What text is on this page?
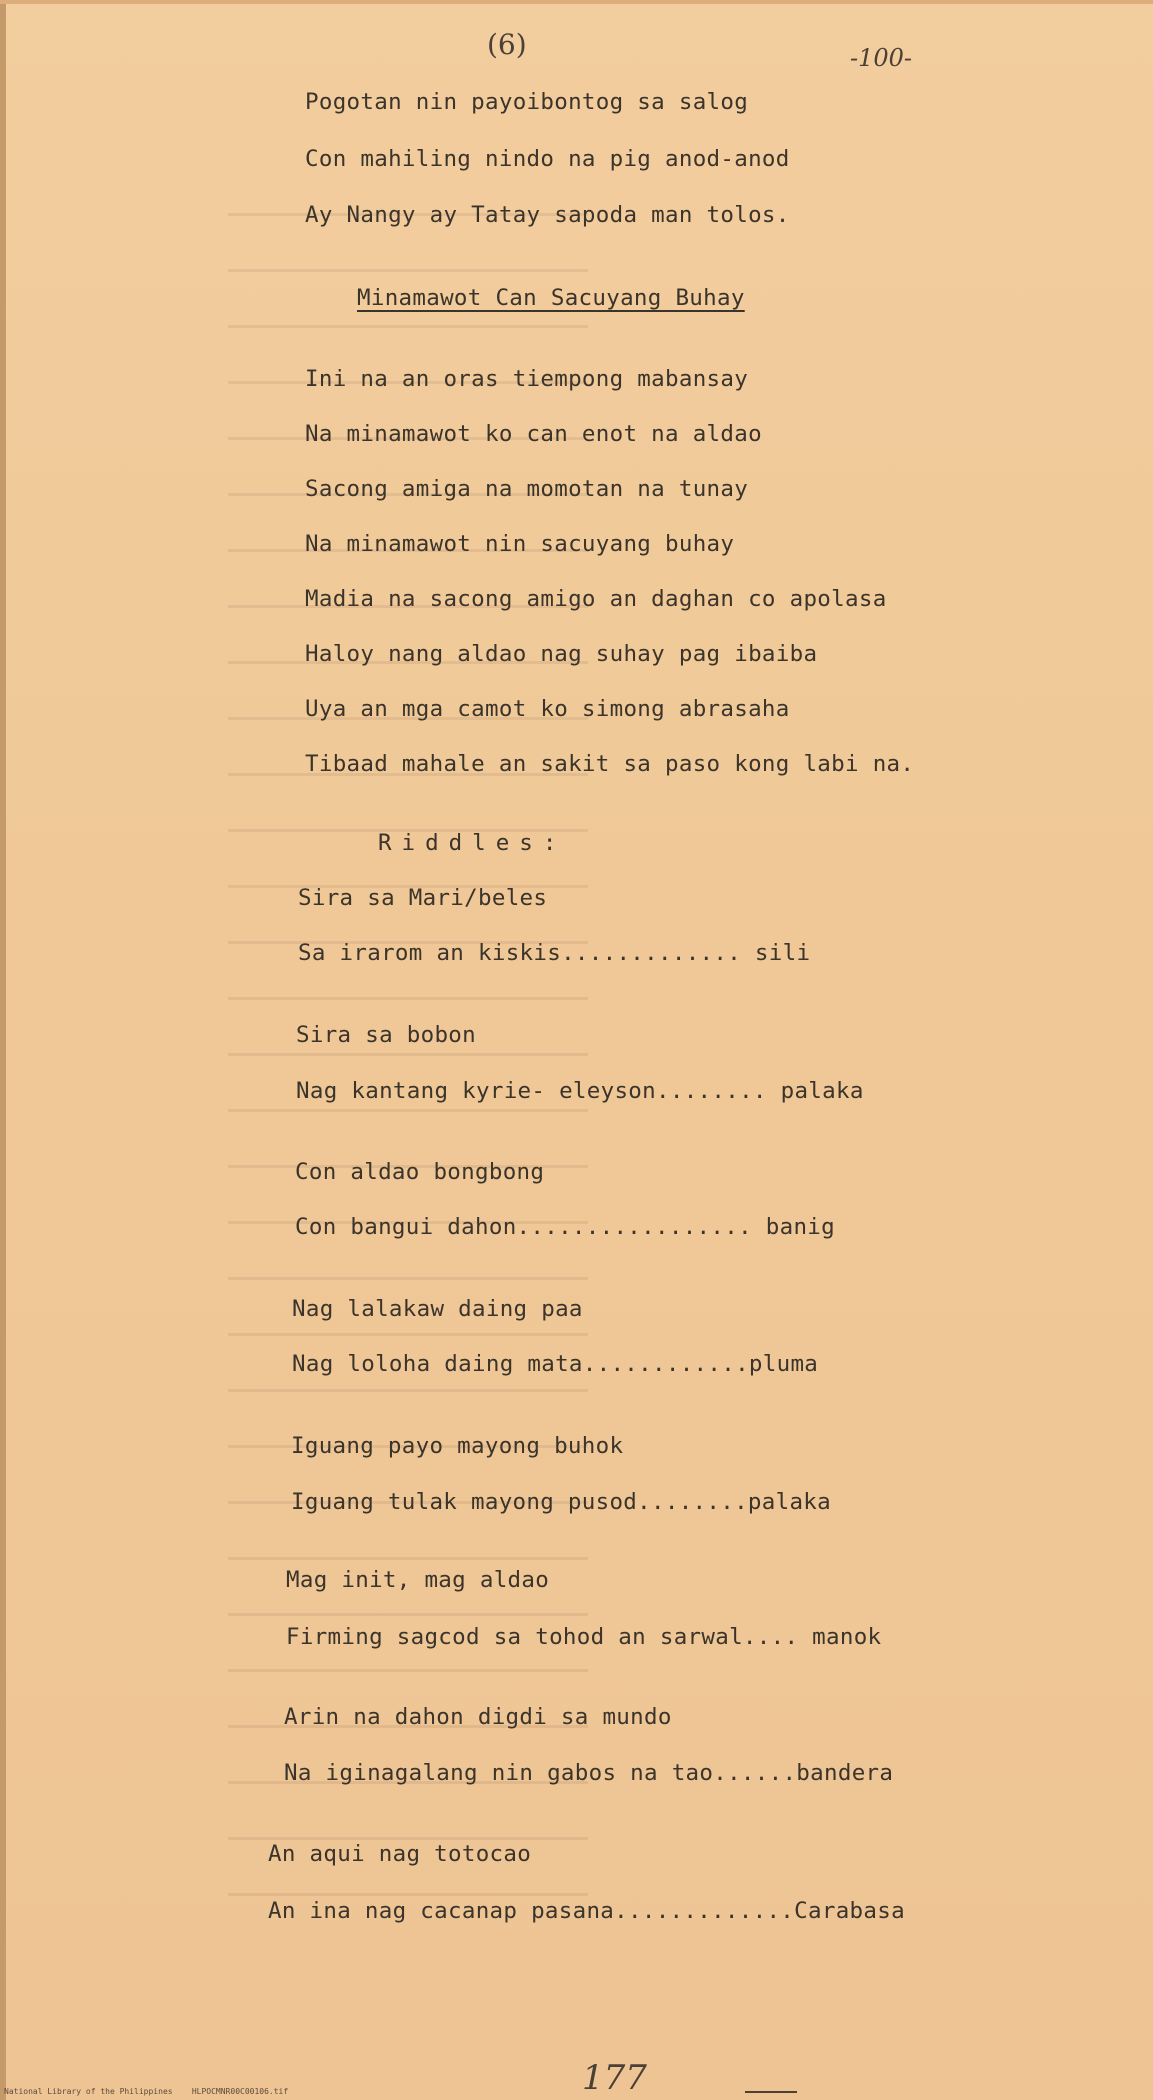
(6)	-100-
Pogotan nin payoibontog sa salog
Con mahiling nindo na pig anod-anod
Ay Nangy ay Tatay sapoda man tolos.
Minamawot Can Sacuyang Buhay
Ini na an oras tiempong mabansay
Na minamawot ko can enot na aldao
Sacong amiga na momotan na tunay
Na minamawot nin sacuyang buhay
Madia na sacong amigo an daghan co apolasa
Haloy nang aldao nag suhay pag ibaiba
Uya an mga camot ko simong abrasaha
Tibaad mahale an sakit sa paso kong labi na.
Riddles:
Sira sa Mari/beles
Sa irarom an kiskis............. sili
Sira sa bobon
Nag kantang kyrie- eleyson........ palaka
Con aldao bongbong
Con bangui dahon................. banig
Nag lalakaw daing paa
Nag loloha daing mata............pluma
Iguang payo mayong buhok
Iguang tulak mayong pusod........palaka
Mag init, mag aldao
Firming sagcod sa tohod an sarwal.... manok
Arin na dahon digdi sa mundo
Na iginagalang nin gabos na tao......bandera
An aqui nag totocao
An ina nag cacanap pasana.............Carabasa
177
National Library of the Philippines    HLPOCMNR00C00106.tif
